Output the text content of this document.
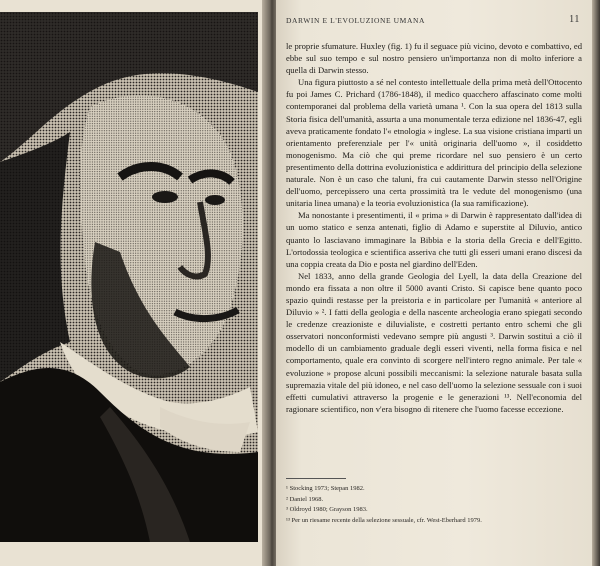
DARWIN E L'EVOLUZIONE UMANA	11

le proprie sfumature. Huxley (fig. 1) fu il seguace più vicino, devoto e combattivo, ed ebbe sul suo tempo e sul nostro pensiero un'importanza non di molto inferiore a quella di Darwin stesso.

Una figura piuttosto a sé nel contesto intellettuale della prima metà dell'Ottocento fu poi James C. Prichard (1786-1848), il medico quacchero affascinato come molti contemporanei dal problema della varietà umana ¹. Con la sua opera del 1813 sulla Storia fisica dell'umanità, assurta a una monumentale terza edizione nel 1836-47, egli aveva praticamente fondato l'« etnologia » inglese. La sua visione cristiana imparti un orientamento preferenziale per l'« unità originaria dell'uomo », il cosiddetto monogenismo. Ma ciò che qui preme ricordare nel suo pensiero è un certo presentimento della dottrina evoluzionistica e addirittura del principio della selezione naturale. Non è un caso che taluni, fra cui cautamente Darwin stesso nell'Origine dell'uomo, percepissero una certa prossimità tra le vedute del monogenismo (una unitaria linea umana) e la teoria evoluzionistica (la sua ramificazione).

Ma nonostante i presentimenti, il « prima » di Darwin è rappresentato dall'idea di un uomo statico e senza antenati, figlio di Adamo e superstite al Diluvio, antico quanto lo lasciavano immaginare la Bibbia e la storia della Grecia e dell'Egitto. L'ortodossia teologica e scientifica asseriva che tutti gli esseri umani erano discesi da una coppia creata da Dio e posta nel giardino dell'Eden.

Nel 1833, anno della grande Geologia del Lyell, la data della Creazione del mondo era fissata a non oltre il 5000 avanti Cristo. Si capisce bene quanto poco spazio quindi restasse per la preistoria e in particolare per l'umanità « anteriore al Diluvio » ². I fatti della geologia e della nascente archeologia erano spiegati secondo le credenze creazioniste e diluvialiste, e costretti pertanto entro schemi che gli osservatori nonconformisti vedevano sempre più angusti ³. Darwin sostituì a ciò il modello di un cambiamento graduale degli esseri viventi, nella forma fisica e nel comportamento, quale era convinto di scorgere nell'intero regno animale. Per tale « evoluzione » propose alcuni possibili meccanismi: la selezione naturale basata sulla supremazia vitale del più idoneo, e nel caso dell'uomo la selezione sessuale con i suoi effetti cumulativi attraverso la progenie e le generazioni ¹³. Nell'economia del ragionare scientifico, non v'era bisogno di ritenere che l'uomo facesse eccezione.

¹ Stocking 1973; Stepan 1982.
² Daniel 1968.
³ Oldroyd 1980; Grayson 1983.
¹³ Per un riesame recente della selezione sessuale, cfr. West-Eberhard 1979.
